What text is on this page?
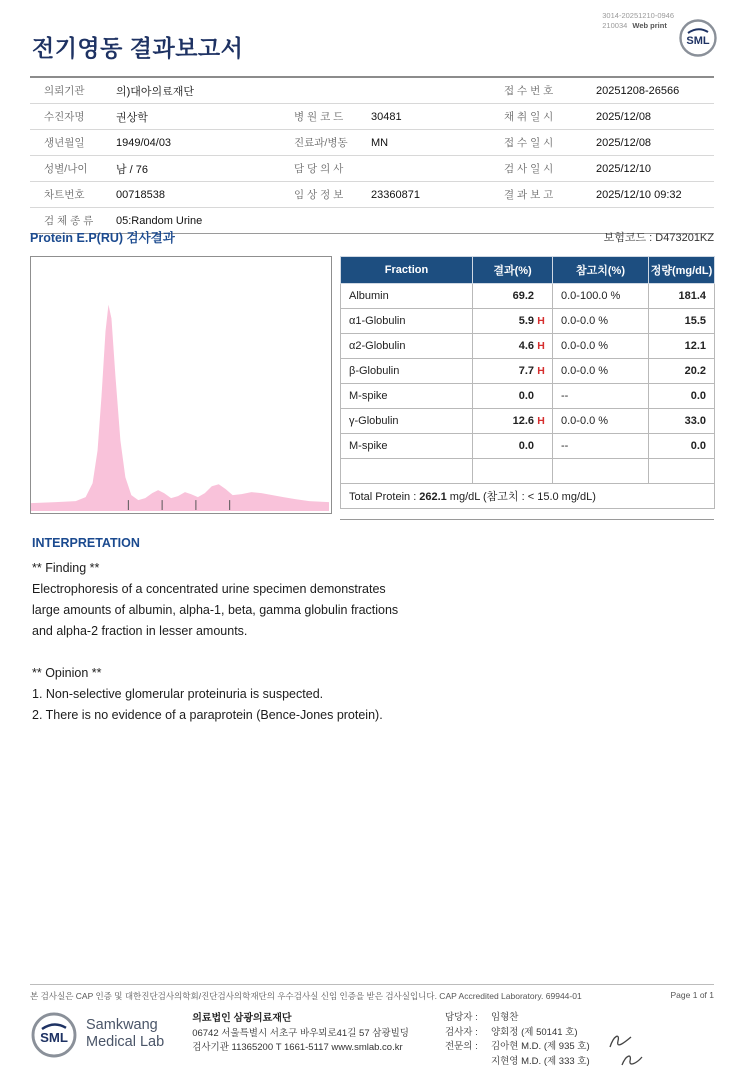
3014-20251210-0946
210034 Web print
SML
전기영동 결과보고서
의뢰기관	의)대아의료재단			접 수 번 호	20251208-26566
수진자명	권상학	병 원 코 드	30481	채 취 일 시	2025/12/08
생년월일	1949/04/03	진료과/병동	MN	접 수 일 시	2025/12/08
성별/나이	남 / 76	담 당 의 사		검 사 일 시	2025/12/10
차트번호	00718538	임 상 정 보	23360871	결 과 보 고	2025/12/10 09:32
검 체 종 류	05:Random Urine				
Protein E.P(RU) 검사결과	보험코드 : D473201KZ
Fraction	결과(%)	참고치(%)	정량(mg/dL)
Albumin	69.2	0.0-100.0 %	181.4
α1-Globulin	5.9 H	0.0-0.0 %	15.5
α2-Globulin	4.6 H	0.0-0.0 %	12.1
β-Globulin	7.7 H	0.0-0.0 %	20.2
M-spike	0.0	--	0.0
γ-Globulin	12.6 H	0.0-0.0 %	33.0
M-spike	0.0	--	0.0

Total Protein : 262.1 mg/dL (참고치 : < 15.0 mg/dL)			
INTERPRETATION
** Finding **
Electrophoresis of a concentrated urine specimen demonstrates
large amounts of albumin, alpha-1, beta, gamma globulin fractions
and alpha-2 fraction in lesser amounts.
** Opinion **
1. Non-selective glomerular proteinuria is suspected.
2. There is no evidence of a paraprotein (Bence-Jones protein).
본 검사실은 CAP 인증 및 대한진단검사의학회/진단검사의학재단의 우수검사실 신임 인증을 받은 검사실입니다. CAP Accredited Laboratory. 69944-01	Page 1 of 1
SML
Samkwang
Medical Lab
의료법인 삼광의료재단
06742 서울특별시 서초구 바우뫼로41길 57 삼광빌딩
검사기관 11365200 T 1661-5117 www.smlab.co.kr
담당자 :	임형찬
검사자 :	양회정 (제 50141 호)
전문의 :	김아현 M.D. (제 935 호)
지현영 M.D. (제 333 호)
